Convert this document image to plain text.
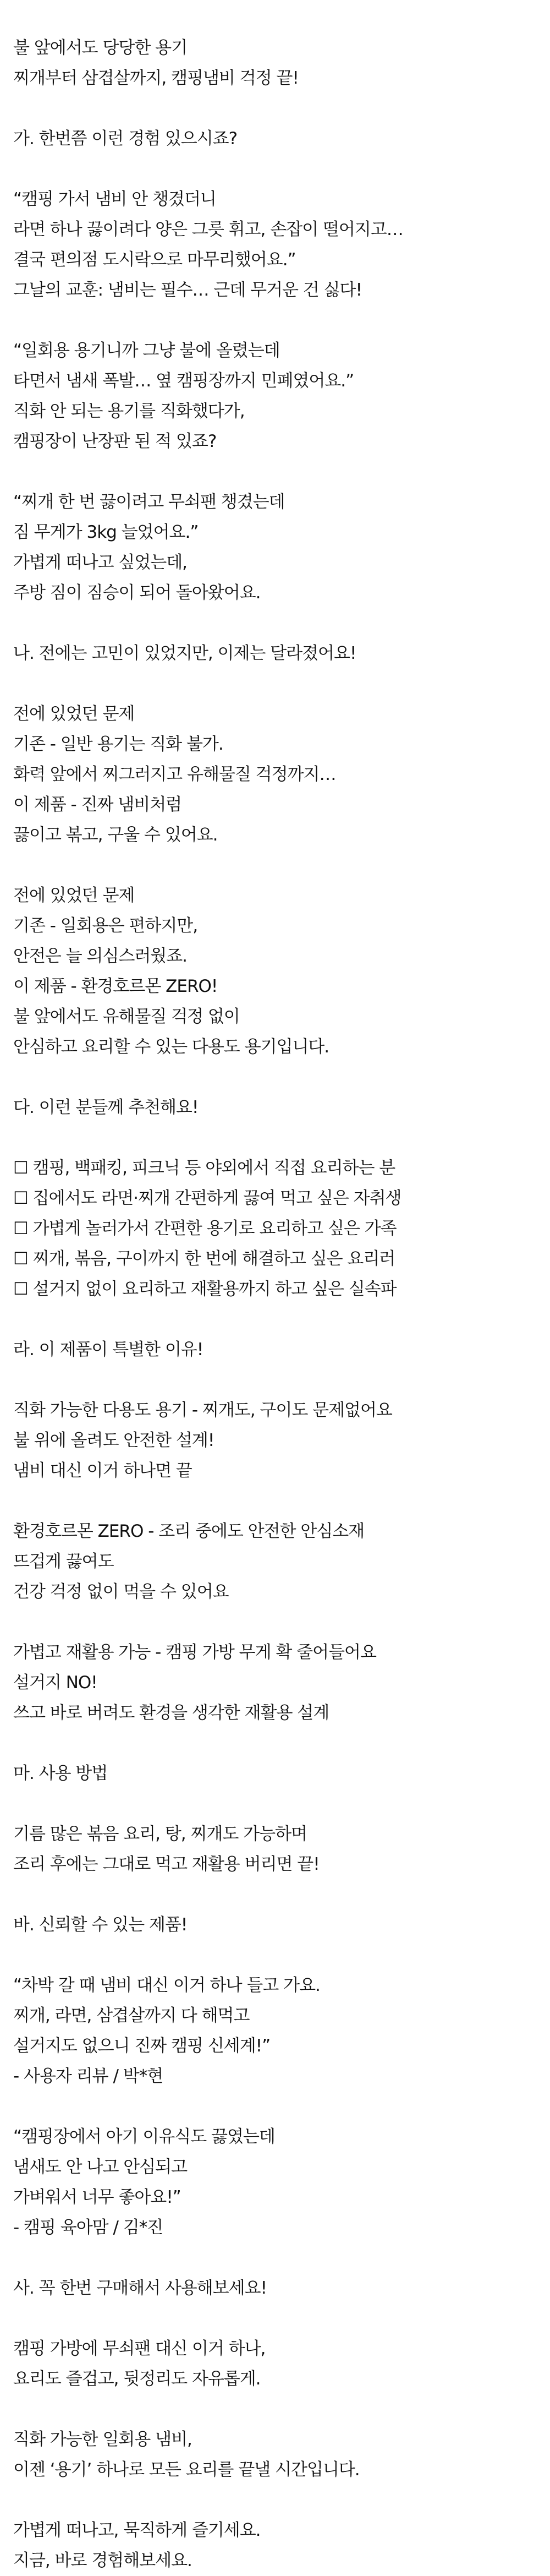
불 앞에서도 당당한 용기
찌개부터 삼겹살까지, 캠핑냄비 걱정 끝!
가. 한번쯤 이런 경험 있으시죠?
“캠핑 가서 냄비 안 챙겼더니
라면 하나 끓이려다 양은 그릇 휘고, 손잡이 떨어지고…
결국 편의점 도시락으로 마무리했어요.”
그날의 교훈: 냄비는 필수… 근데 무거운 건 싫다!
“일회용 용기니까 그냥 불에 올렸는데
타면서 냄새 폭발… 옆 캠핑장까지 민폐였어요.”
직화 안 되는 용기를 직화했다가,
캠핑장이 난장판 된 적 있죠?
“찌개 한 번 끓이려고 무쇠팬 챙겼는데
짐 무게가 3kg 늘었어요.”
가볍게 떠나고 싶었는데,
주방 짐이 짐승이 되어 돌아왔어요.
나. 전에는 고민이 있었지만, 이제는 달라졌어요!
전에 있었던 문제
기존 - 일반 용기는 직화 불가.
화력 앞에서 찌그러지고 유해물질 걱정까지…
이 제품 - 진짜 냄비처럼
끓이고 볶고, 구울 수 있어요.
전에 있었던 문제
기존 - 일회용은 편하지만,
안전은 늘 의심스러웠죠.
이 제품 - 환경호르몬 ZERO!
불 앞에서도 유해물질 걱정 없이
안심하고 요리할 수 있는 다용도 용기입니다.
다. 이런 분들께 추천해요!
☐ 캠핑, 백패킹, 피크닉 등 야외에서 직접 요리하는 분
☐ 집에서도 라면·찌개 간편하게 끓여 먹고 싶은 자취생
☐ 가볍게 놀러가서 간편한 용기로 요리하고 싶은 가족
☐ 찌개, 볶음, 구이까지 한 번에 해결하고 싶은 요리러
☐ 설거지 없이 요리하고 재활용까지 하고 싶은 실속파
라. 이 제품이 특별한 이유!
직화 가능한 다용도 용기 - 찌개도, 구이도 문제없어요
불 위에 올려도 안전한 설계!
냄비 대신 이거 하나면 끝
환경호르몬 ZERO - 조리 중에도 안전한 안심소재
뜨겁게 끓여도
건강 걱정 없이 먹을 수 있어요
가볍고 재활용 가능 - 캠핑 가방 무게 확 줄어들어요
설거지 NO!
쓰고 바로 버려도 환경을 생각한 재활용 설계
마. 사용 방법
기름 많은 볶음 요리, 탕, 찌개도 가능하며
조리 후에는 그대로 먹고 재활용 버리면 끝!
바. 신뢰할 수 있는 제품!
“차박 갈 때 냄비 대신 이거 하나 들고 가요.
찌개, 라면, 삼겹살까지 다 해먹고
설거지도 없으니 진짜 캠핑 신세계!”
- 사용자 리뷰 / 박*현
“캠핑장에서 아기 이유식도 끓였는데
냄새도 안 나고 안심되고
가벼워서 너무 좋아요!”
- 캠핑 육아맘 / 김*진
사. 꼭 한번 구매해서 사용해보세요!
캠핑 가방에 무쇠팬 대신 이거 하나,
요리도 즐겁고, 뒷정리도 자유롭게.
직화 가능한 일회용 냄비,
이젠 ‘용기’ 하나로 모든 요리를 끝낼 시간입니다.
가볍게 떠나고, 묵직하게 즐기세요.
지금, 바로 경험해보세요.
